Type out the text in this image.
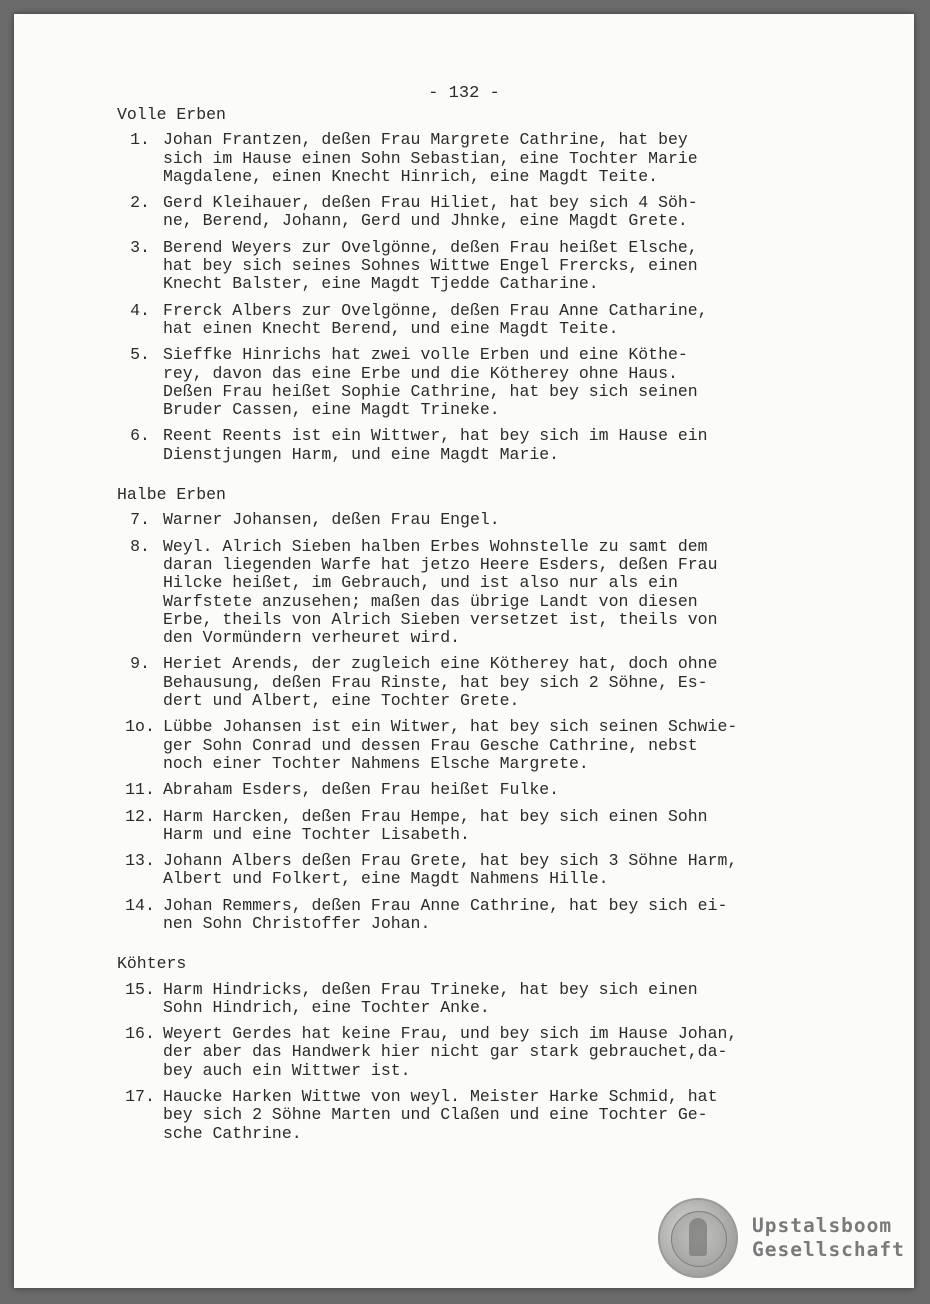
- 132 -
Volle Erben
1. Johan Frantzen, deßen Frau Margrete Cathrine, hat bey
sich im Hause einen Sohn Sebastian, eine Tochter Marie
Magdalene, einen Knecht Hinrich, eine Magdt Teite.
2. Gerd Kleihauer, deßen Frau Hiliet, hat bey sich 4 Söh-
ne, Berend, Johann, Gerd und Jhnke, eine Magdt Grete.
3. Berend Weyers zur Ovelgönne, deßen Frau heißet Elsche,
hat bey sich seines Sohnes Wittwe Engel Frercks, einen
Knecht Balster, eine Magdt Tjedde Catharine.
4. Frerck Albers zur Ovelgönne, deßen Frau Anne Catharine,
hat einen Knecht Berend, und eine Magdt Teite.
5. Sieffke Hinrichs hat zwei volle Erben und eine Köthe-
rey, davon das eine Erbe und die Kötherey ohne Haus.
Deßen Frau heißet Sophie Cathrine, hat bey sich seinen
Bruder Cassen, eine Magdt Trineke.
6. Reent Reents ist ein Wittwer, hat bey sich im Hause ein
Dienstjungen Harm, und eine Magdt Marie.
Halbe Erben
7. Warner Johansen, deßen Frau Engel.
8. Weyl. Alrich Sieben halben Erbes Wohnstelle zu samt dem
daran liegenden Warfe hat jetzo Heere Esders, deßen Frau
Hilcke heißet, im Gebrauch, und ist also nur als ein
Warfstete anzusehen; maßen das übrige Landt von diesen
Erbe, theils von Alrich Sieben versetzet ist, theils von
den Vormündern verheuret wird.
9. Heriet Arends, der zugleich eine Kötherey hat, doch ohne
Behausung, deßen Frau Rinste, hat bey sich 2 Söhne, Es-
dert und Albert, eine Tochter Grete.
1o. Lübbe Johansen ist ein Witwer, hat bey sich seinen Schwie-
ger Sohn Conrad und dessen Frau Gesche Cathrine, nebst
noch einer Tochter Nahmens Elsche Margrete.
11. Abraham Esders, deßen Frau heißet Fulke.
12. Harm Harcken, deßen Frau Hempe, hat bey sich einen Sohn
Harm und eine Tochter Lisabeth.
13. Johann Albers deßen Frau Grete, hat bey sich 3 Söhne Harm,
Albert und Folkert, eine Magdt Nahmens Hille.
14. Johan Remmers, deßen Frau Anne Cathrine, hat bey sich ei-
nen Sohn Christoffer Johan.
Köhters
15. Harm Hindricks, deßen Frau Trineke, hat bey sich einen
Sohn Hindrich, eine Tochter Anke.
16. Weyert Gerdes hat keine Frau, und bey sich im Hause Johan,
der aber das Handwerk hier nicht gar stark gebrauchet,da-
bey auch ein Wittwer ist.
17. Haucke Harken Wittwe von weyl. Meister Harke Schmid, hat
bey sich 2 Söhne Marten und Claßen und eine Tochter Ge-
sche Cathrine.
Upstalsboom
Gesellschaft
